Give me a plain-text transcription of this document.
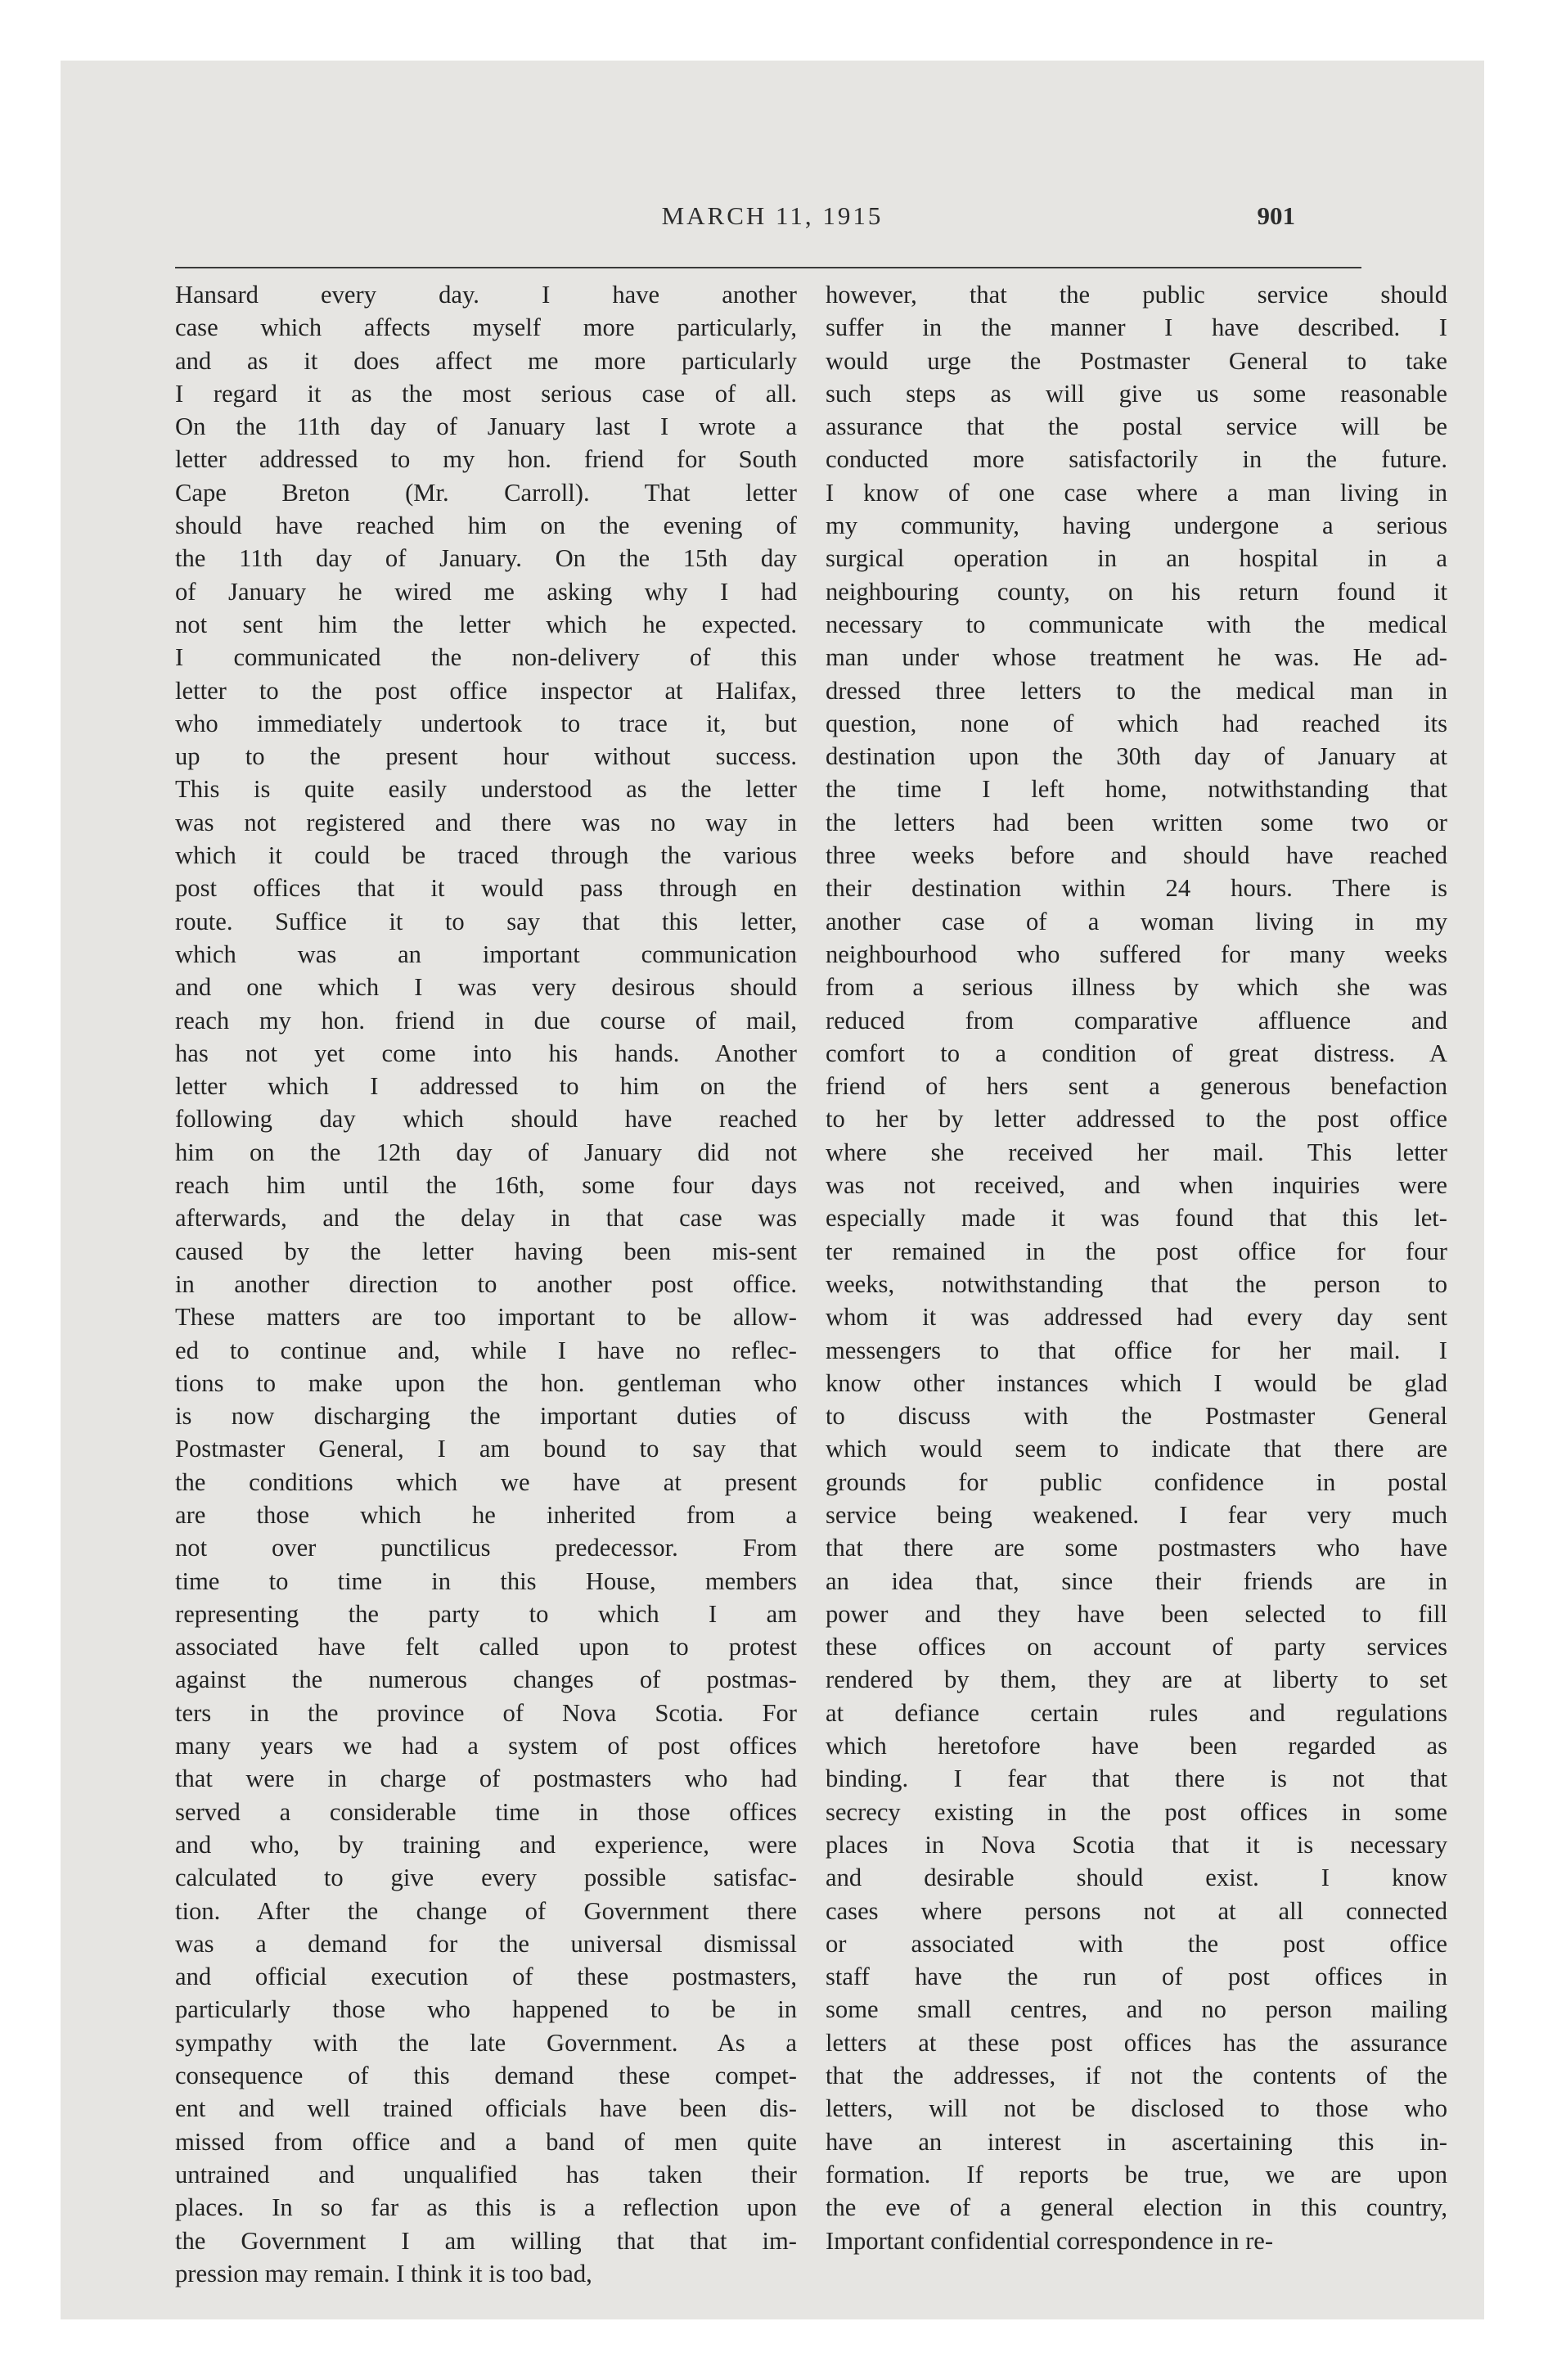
MARCH 11, 1915	901
Hansard every day. I have another
case which affects myself more particularly,
and as it does affect me more particularly
I regard it as the most serious case of all.
On the 11th day of January last I wrote a
letter addressed to my hon. friend for South
Cape Breton (Mr. Carroll). That letter
should have reached him on the evening of
the 11th day of January. On the 15th day
of January he wired me asking why I had
not sent him the letter which he expected.
I communicated the non-delivery of this
letter to the post office inspector at Halifax,
who immediately undertook to trace it, but
up to the present hour without success.
This is quite easily understood as the letter
was not registered and there was no way in
which it could be traced through the various
post offices that it would pass through en
route. Suffice it to say that this letter,
which was an important communication
and one which I was very desirous should
reach my hon. friend in due course of mail,
has not yet come into his hands. Another
letter which I addressed to him on the
following day which should have reached
him on the 12th day of January did not
reach him until the 16th, some four days
afterwards, and the delay in that case was
caused by the letter having been mis-sent
in another direction to another post office.
These matters are too important to be allow-
ed to continue and, while I have no reflec-
tions to make upon the hon. gentleman who
is now discharging the important duties of
Postmaster General, I am bound to say that
the conditions which we have at present
are those which he inherited from a
not over punctilicus predecessor. From
time to time in this House, members
representing the party to which I am
associated have felt called upon to protest
against the numerous changes of postmas-
ters in the province of Nova Scotia. For
many years we had a system of post offices
that were in charge of postmasters who had
served a considerable time in those offices
and who, by training and experience, were
calculated to give every possible satisfac-
tion. After the change of Government there
was a demand for the universal dismissal
and official execution of these postmasters,
particularly those who happened to be in
sympathy with the late Government. As a
consequence of this demand these compet-
ent and well trained officials have been dis-
missed from office and a band of men quite
untrained and unqualified has taken their
places. In so far as this is a reflection upon
the Government I am willing that that im-
pression may remain. I think it is too bad,
however, that the public service should
suffer in the manner I have described. I
would urge the Postmaster General to take
such steps as will give us some reasonable
assurance that the postal service will be
conducted more satisfactorily in the future.
I know of one case where a man living in
my community, having undergone a serious
surgical operation in an hospital in a
neighbouring county, on his return found it
necessary to communicate with the medical
man under whose treatment he was. He ad-
dressed three letters to the medical man in
question, none of which had reached its
destination upon the 30th day of January at
the time I left home, notwithstanding that
the letters had been written some two or
three weeks before and should have reached
their destination within 24 hours. There is
another case of a woman living in my
neighbourhood who suffered for many weeks
from a serious illness by which she was
reduced from comparative affluence and
comfort to a condition of great distress. A
friend of hers sent a generous benefaction
to her by letter addressed to the post office
where she received her mail. This letter
was not received, and when inquiries were
especially made it was found that this let-
ter remained in the post office for four
weeks, notwithstanding that the person to
whom it was addressed had every day sent
messengers to that office for her mail. I
know other instances which I would be glad
to discuss with the Postmaster General
which would seem to indicate that there are
grounds for public confidence in postal
service being weakened. I fear very much
that there are some postmasters who have
an idea that, since their friends are in
power and they have been selected to fill
these offices on account of party services
rendered by them, they are at liberty to set
at defiance certain rules and regulations
which heretofore have been regarded as
binding. I fear that there is not that
secrecy existing in the post offices in some
places in Nova Scotia that it is necessary
and desirable should exist. I know
cases where persons not at all connected
or associated with the post office
staff have the run of post offices in
some small centres, and no person mailing
letters at these post offices has the assurance
that the addresses, if not the contents of the
letters, will not be disclosed to those who
have an interest in ascertaining this in-
formation. If reports be true, we are upon
the eve of a general election in this country,
Important confidential correspondence in re-
